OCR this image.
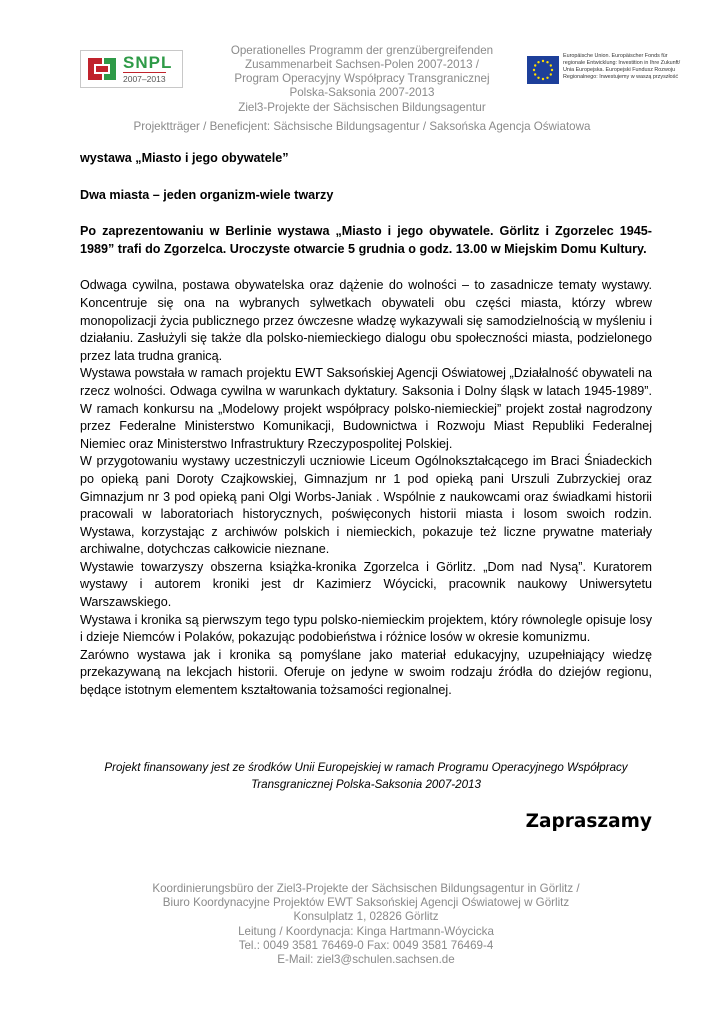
SNPL
2007–2013
Operationelles Programm der grenzübergreifenden
Zusammenarbeit Sachsen-Polen 2007-2013 /
Program Operacyjny Współpracy Transgranicznej
Polska-Saksonia 2007-2013
Ziel3-Projekte der Sächsischen Bildungsagentur
Projektträger / Beneficjent: Sächsische Bildungsagentur / Saksońska Agencja Oświatowa
Europäische Union. Europäischer Fonds für
regionale Entwicklung: Investition in Ihre Zukunft/
Unia Europejska. Europejski Fundusz Rozwoju
Regionalnego: Inwestujemy w waszą przyszłość

wystawa „Miasto i jego obywatele”

Dwa miasta – jeden organizm-wiele twarzy

Po zaprezentowaniu w Berlinie wystawa „Miasto i jego obywatele. Görlitz i Zgorzelec 1945-1989” trafi do Zgorzelca. Uroczyste otwarcie 5 grudnia o godz. 13.00 w Miejskim Domu Kultury.

Odwaga cywilna, postawa obywatelska oraz dążenie do wolności – to zasadnicze tematy wystawy. Koncentruje się ona na wybranych sylwetkach obywateli obu części miasta, którzy wbrew monopolizacji życia publicznego przez ówczesne władzę wykazywali się samodzielnością w myśleniu i działaniu. Zasłużyli się także dla polsko-niemieckiego dialogu obu społeczności miasta, podzielonego przez lata trudna granicą.

Wystawa powstała w ramach projektu EWT Saksońskiej Agencji Oświatowej „Działalność obywateli na rzecz wolności. Odwaga cywilna w warunkach dyktatury. Saksonia i Dolny śląsk w latach 1945-1989”. W ramach konkursu na „Modelowy projekt współpracy polsko-niemieckiej” projekt został nagrodzony przez Federalne Ministerstwo Komunikacji, Budownictwa i Rozwoju Miast Republiki Federalnej Niemiec oraz Ministerstwo Infrastruktury Rzeczypospolitej Polskiej.

W przygotowaniu wystawy uczestniczyli uczniowie Liceum Ogólnokształcącego im Braci Śniadeckich po opieką pani Doroty Czajkowskiej, Gimnazjum nr 1 pod opieką pani Urszuli Zubrzyckiej oraz Gimnazjum nr 3 pod opieką pani Olgi Worbs-Janiak . Wspólnie z naukowcami oraz świadkami historii pracowali w laboratoriach historycznych, poświęconych historii miasta i losom swoich rodzin. Wystawa, korzystając z archiwów polskich i niemieckich, pokazuje też liczne prywatne materiały archiwalne, dotychczas całkowicie nieznane.

Wystawie towarzyszy obszerna książka-kronika Zgorzelca i Görlitz. „Dom nad Nysą”. Kuratorem wystawy i autorem kroniki jest dr Kazimierz Wóycicki, pracownik naukowy Uniwersytetu Warszawskiego.

Wystawa i kronika są pierwszym tego typu polsko-niemieckim projektem, który równolegle opisuje losy i dzieje Niemców i Polaków, pokazując podobieństwa i różnice losów w okresie komunizmu.

Zarówno wystawa jak i kronika są pomyślane jako materiał edukacyjny, uzupełniający wiedzę przekazywaną na lekcjach historii. Oferuje on jedyne w swoim rodzaju źródła do dziejów regionu, będące istotnym elementem kształtowania tożsamości regionalnej.

Projekt finansowany jest ze środków Unii Europejskiej w ramach Programu Operacyjnego Współpracy
Transgranicznej Polska-Saksonia 2007-2013
Zapraszamy
Koordinierungsbüro der Ziel3-Projekte der Sächsischen Bildungsagentur in Görlitz /
Biuro Koordynacyjne Projektów EWT Saksońskiej Agencji Oświatowej w Görlitz
Konsulplatz 1, 02826 Görlitz
Leitung / Koordynacja: Kinga Hartmann-Wóycicka
Tel.: 0049 3581 76469-0 Fax: 0049 3581 76469-4
E-Mail: ziel3@schulen.sachsen.de
